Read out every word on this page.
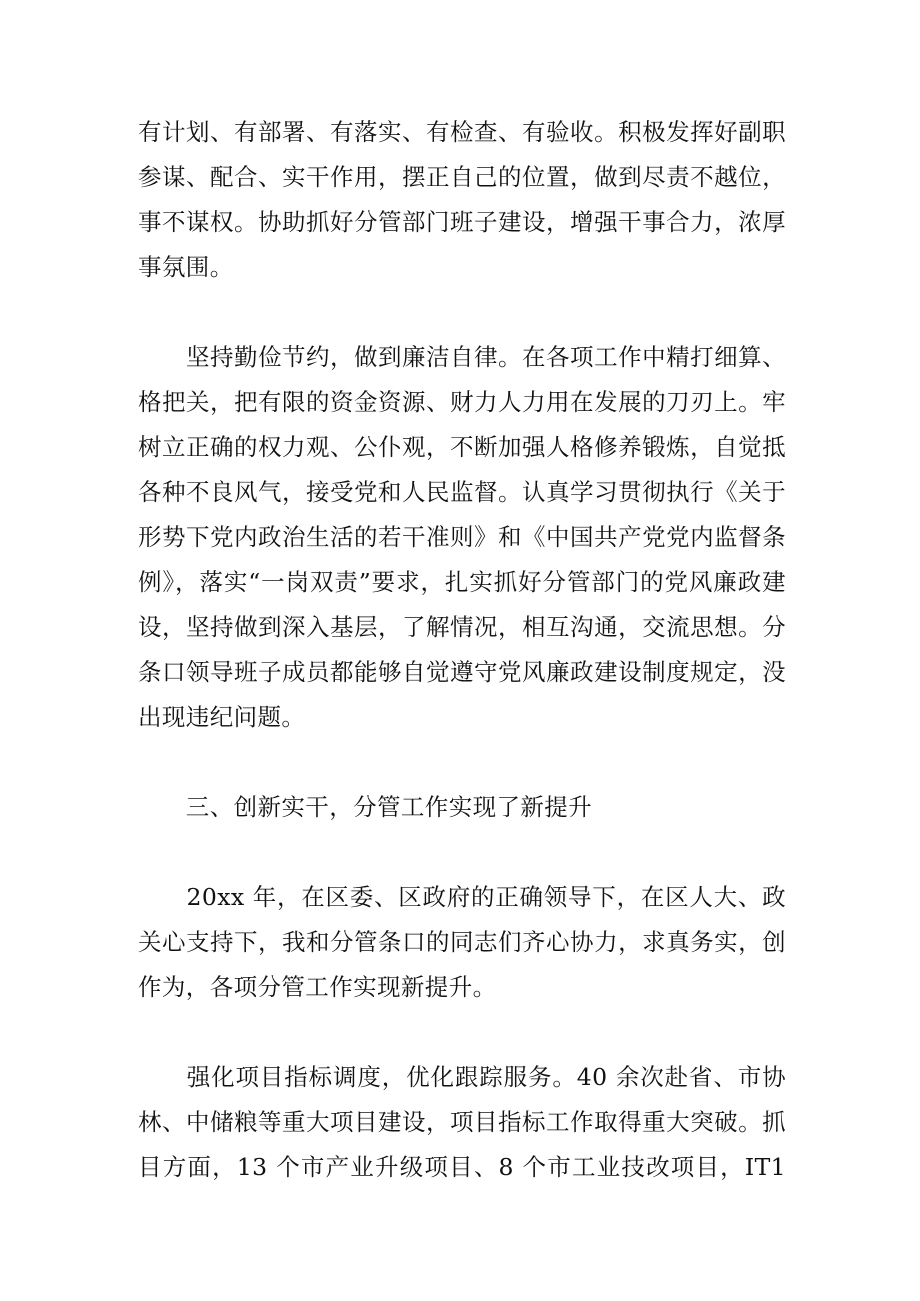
有计划、有部署、有落实、有检查、有验收。积极发挥好副职
参谋、配合、实干作用，摆正自己的位置，做到尽责不越位，
事不谋权。协助抓好分管部门班子建设，增强干事合力，浓厚
事氛围。
　　坚持勤俭节约，做到廉洁自律。在各项工作中精打细算、
格把关，把有限的资金资源、财力人力用在发展的刀刃上。牢
树立正确的权力观、公仆观，不断加强人格修养锻炼，自觉抵
各种不良风气，接受党和人民监督。认真学习贯彻执行《关于
形势下党内政治生活的若干准则》和《中国共产党党内监督条
例》，落实“一岗双责”要求，扎实抓好分管部门的党风廉政建
设，坚持做到深入基层，了解情况，相互沟通，交流思想。分
条口领导班子成员都能够自觉遵守党风廉政建设制度规定，没
出现违纪问题。
　　三、创新实干，分管工作实现了新提升
　　20xx 年，在区委、区政府的正确领导下，在区人大、政
关心支持下，我和分管条口的同志们齐心协力，求真务实，创
作为，各项分管工作实现新提升。
　　强化项目指标调度，优化跟踪服务。40 余次赴省、市协
林、中储粮等重大项目建设，项目指标工作取得重大突破。抓
目方面，13 个市产业升级项目、8 个市工业技改项目，IT1
